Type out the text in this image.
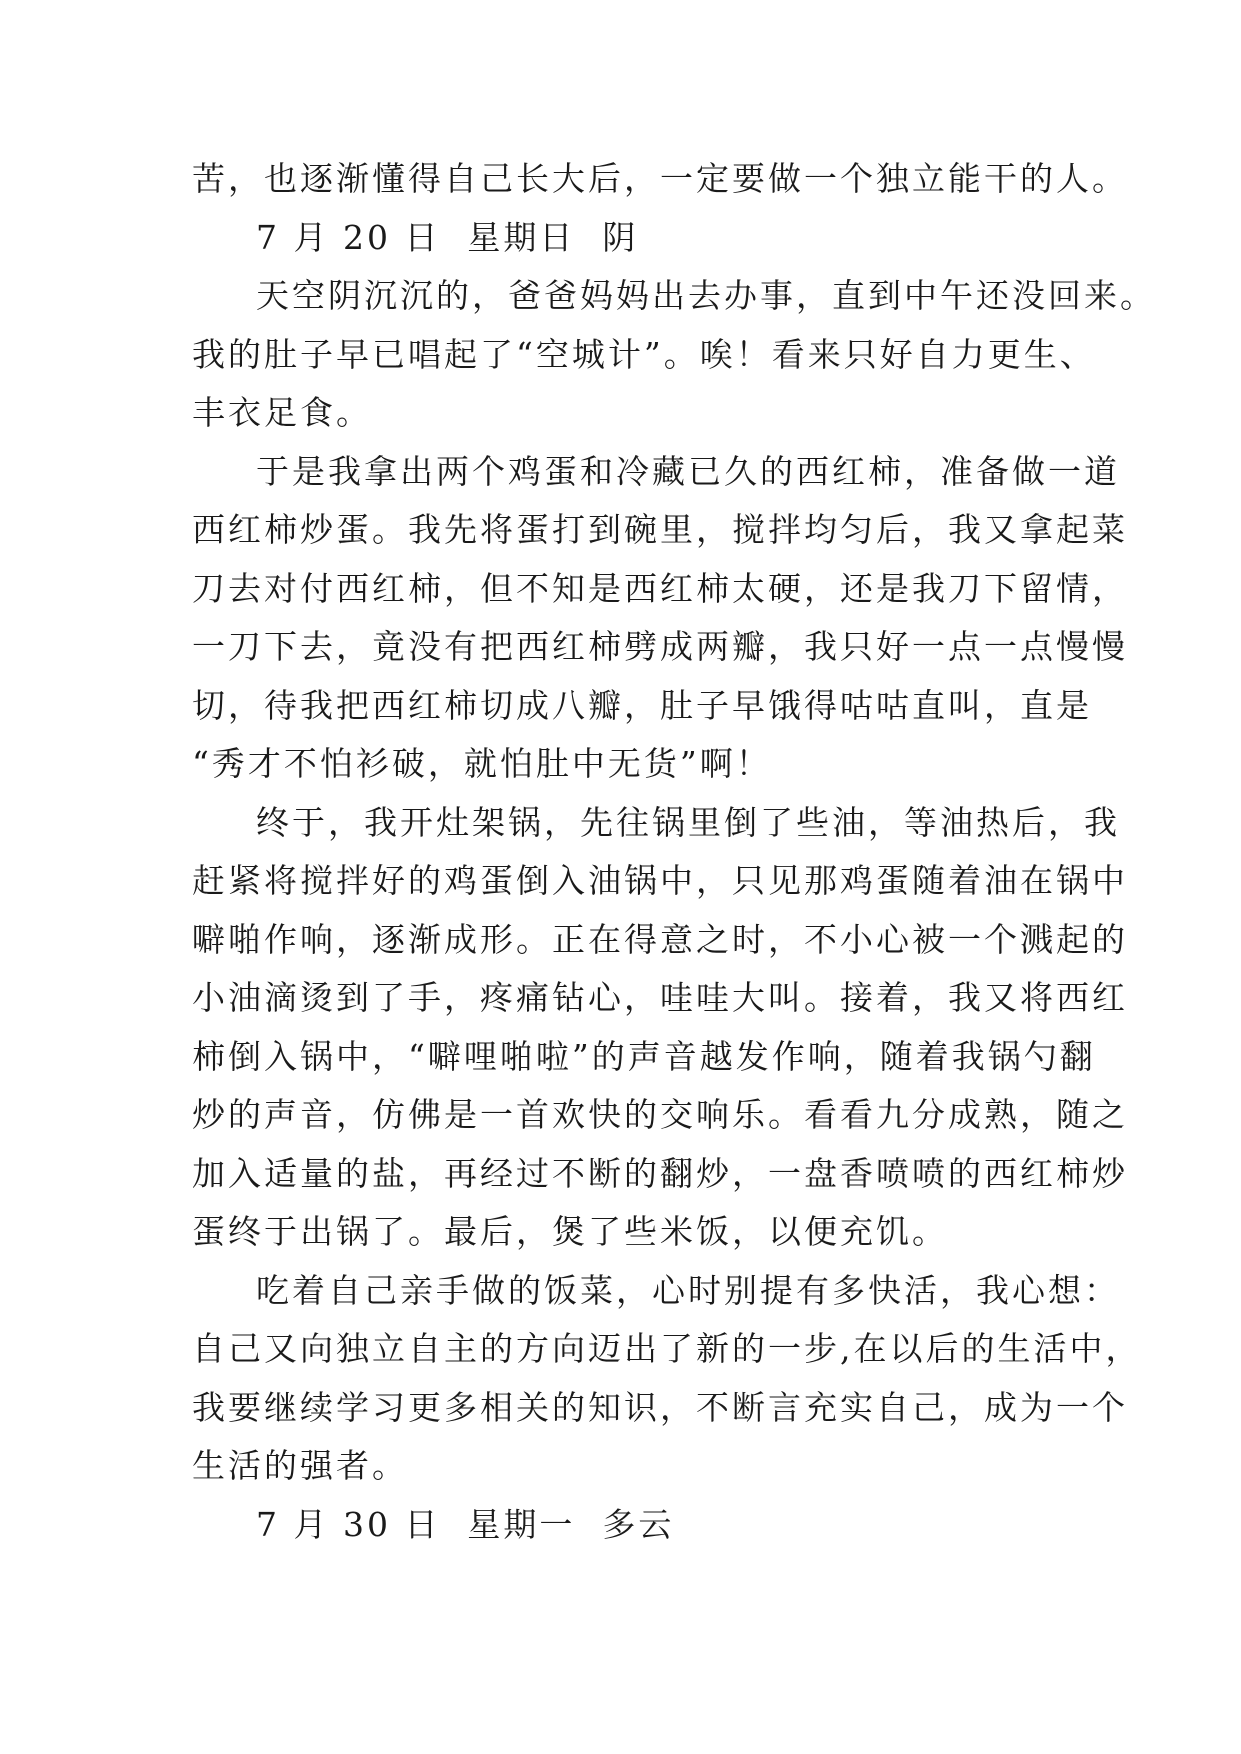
苦，也逐渐懂得自己长大后，一定要做一个独立能干的人。
7 月 20 日  星期日  阴
天空阴沉沉的，爸爸妈妈出去办事，直到中午还没回来。
我的肚子早已唱起了“空城计”。唉！看来只好自力更生、
丰衣足食。
于是我拿出两个鸡蛋和冷藏已久的西红柿，准备做一道
西红柿炒蛋。我先将蛋打到碗里，搅拌均匀后，我又拿起菜
刀去对付西红柿，但不知是西红柿太硬，还是我刀下留情，
一刀下去，竟没有把西红柿劈成两瓣，我只好一点一点慢慢
切，待我把西红柿切成八瓣，肚子早饿得咕咕直叫，直是
“秀才不怕衫破，就怕肚中无货”啊！
终于，我开灶架锅，先往锅里倒了些油，等油热后，我
赶紧将搅拌好的鸡蛋倒入油锅中，只见那鸡蛋随着油在锅中
噼啪作响，逐渐成形。正在得意之时，不小心被一个溅起的
小油滴烫到了手，疼痛钻心，哇哇大叫。接着，我又将西红
柿倒入锅中，“噼哩啪啦”的声音越发作响，随着我锅勺翻
炒的声音，仿佛是一首欢快的交响乐。看看九分成熟，随之
加入适量的盐，再经过不断的翻炒，一盘香喷喷的西红柿炒
蛋终于出锅了。最后，煲了些米饭，以便充饥。
吃着自己亲手做的饭菜，心时别提有多快活，我心想：
自己又向独立自主的方向迈出了新的一步,在以后的生活中，
我要继续学习更多相关的知识，不断言充实自己，成为一个
生活的强者。
7 月 30 日  星期一  多云
